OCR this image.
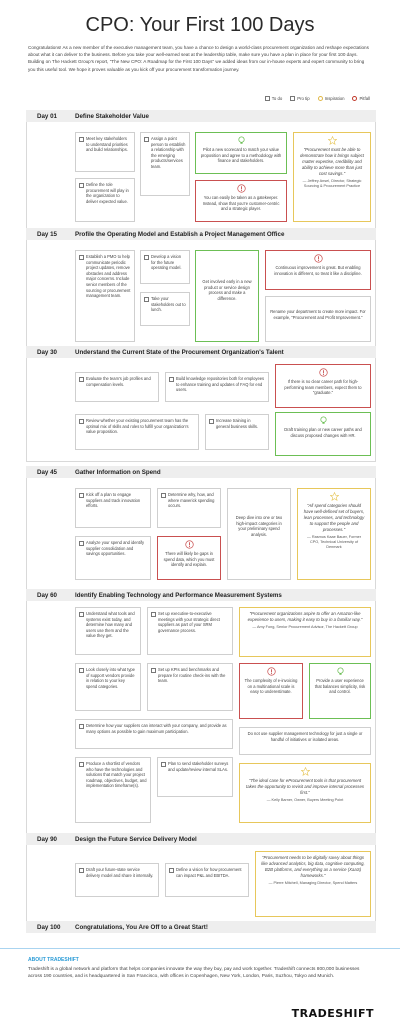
CPO: Your First 100 Days
Congratulations! As a new member of the executive management team, you have a chance to design a world-class procurement organization and reshape expectations about what it can deliver to the business. Before you take your well-earned seat at the leadership table, make sure you have a plan in place for your first 100 days. Building on The Hackett Group's report, "The New CPO: A Roadmap for the First 100 Days" we added ideas from our in-house experts and expert community to bring you this useful tool. We hope it proves valuable as you kick off your procurement transformation journey.
To do	Pro tip	Inspiration	Pitfall
Day 01	Define Stakeholder Value
Meet key stakeholders to understand priorities and build relationships.
Define the role procurement will play in the organization to deliver expected value.
Assign a point person to establish a relationship with the emerging products/services team.
Pilot a new scorecard to match your value proposition and agree to a methodology with finance and stakeholders.
You can easily be taken as a gatekeeper. Instead, show that you're customer-centric and a strategic player.
"Procurement must be able to demonstrate how it brings subject matter expertise, credibility and ability to achieve more than just cost savings."
— Jeffrey Ansel, Director, Strategic Sourcing & Procurement Practice
Day 15	Profile the Operating Model and Establish a Project Management Office
Establish a PMO to help communicate periodic project updates, remove obstacles and address major concerns. Include senior members of the sourcing or procurement management team.
Develop a vision for the future operating model.
Take your stakeholders out to lunch.
Get involved early in a new product or service design process and make a difference.
Continuous improvement is great. But enabling innovation is different, so treat it like a discipline.
Rename your department to create more impact. For example, "Procurement and Profit Improvement."
Day 30	Understand the Current State of the Procurement Organization's Talent
Evaluate the team's job profiles and compensation levels.
Build knowledge repositories both for employees to enhance training and updates of FAQ for end users.
Review whether your existing procurement team has the optimal mix of skills and roles to fulfill your organization's value proposition.
Increase training in general business skills.
If there is no clear career path for high-performing team members, expect them to "graduate."
Draft training plan or new career paths and discuss proposed changes with HR.
Day 45	Gather Information on Spend
Kick off a plan to engage suppliers and track innovation efforts.
Analyze your spend and identify supplier consolidation and savings opportunities.
Determine why, how, and where maverick spending occurs.
There will likely be gaps in spend data, which you must identify and explain.
Deep dive into one or two high-impact categories in your preliminary spend analysis.
"All spend categories should have well-defined set of buyers, lean processes, and technology to support the people and processes."
— Rasmus Kaae Bauer, Former CPO, Technical University of Denmark
Day 60	Identify Enabling Technology and Performance Measurement Systems
Understand what tools and systems exist today, and determine how many and users use them and the value they get.
Set up executive-to-executive meetings with your strategic direct suppliers as part of your SRM governance process.
Look closely into what type of support vendors provide in relation to your key spend categories.
Set up KPIs and benchmarks and prepare for routine check-ins with the team.
Determine how your suppliers can interact with your company, and provide as many options as possible to gain maximum participation.
Produce a shortlist of vendors who have the technologies and solutions that match your project roadmap, objectives, budget, and implementation timeframe(s).
Plan to send stakeholder surveys and update/review internal SLAs.
"Procurement organizations aspire to offer an Amazon-like experience to users, making it easy to buy in a familiar way."
— Amy Fong, Senior Procurement Advisor, The Hackett Group
The complexity of e-invoicing on a multinational scale is easy to underestimate.
Provide a user experience that balances simplicity, risk and control.
Do not use supplier management technology for just a single or handful of initiatives or isolated areas.
"The ideal case for eProcurement tools is that procurement takes the opportunity to revisit and improve internal processes first."
— Kelly Barner, Owner, Buyers Meeting Point
Day 90	Design the Future Service Delivery Model
Draft your future-state service delivery model and share it internally.
Define a vision for how procurement can impact P&L and EBITDA.
"Procurement needs to be digitally savvy about things like advanced analytics, big data, cognitive computing, B2B platforms, and everything as a service (XaaS) frameworks."
— Pierre Mitchell, Managing Director, Spend Matters
Day 100	Congratulations, You Are Off to a Great Start!
ABOUT TRADESHIFT
Tradeshift is a global network and platform that helps companies innovate the way they buy, pay and work together. Tradeshift connects 800,000 businesses across 190 countries, and is headquartered in San Francisco, with offices in Copenhagen, New York, London, Paris, Suzhou, Tokyo and Munich.
TRADESHIFT
